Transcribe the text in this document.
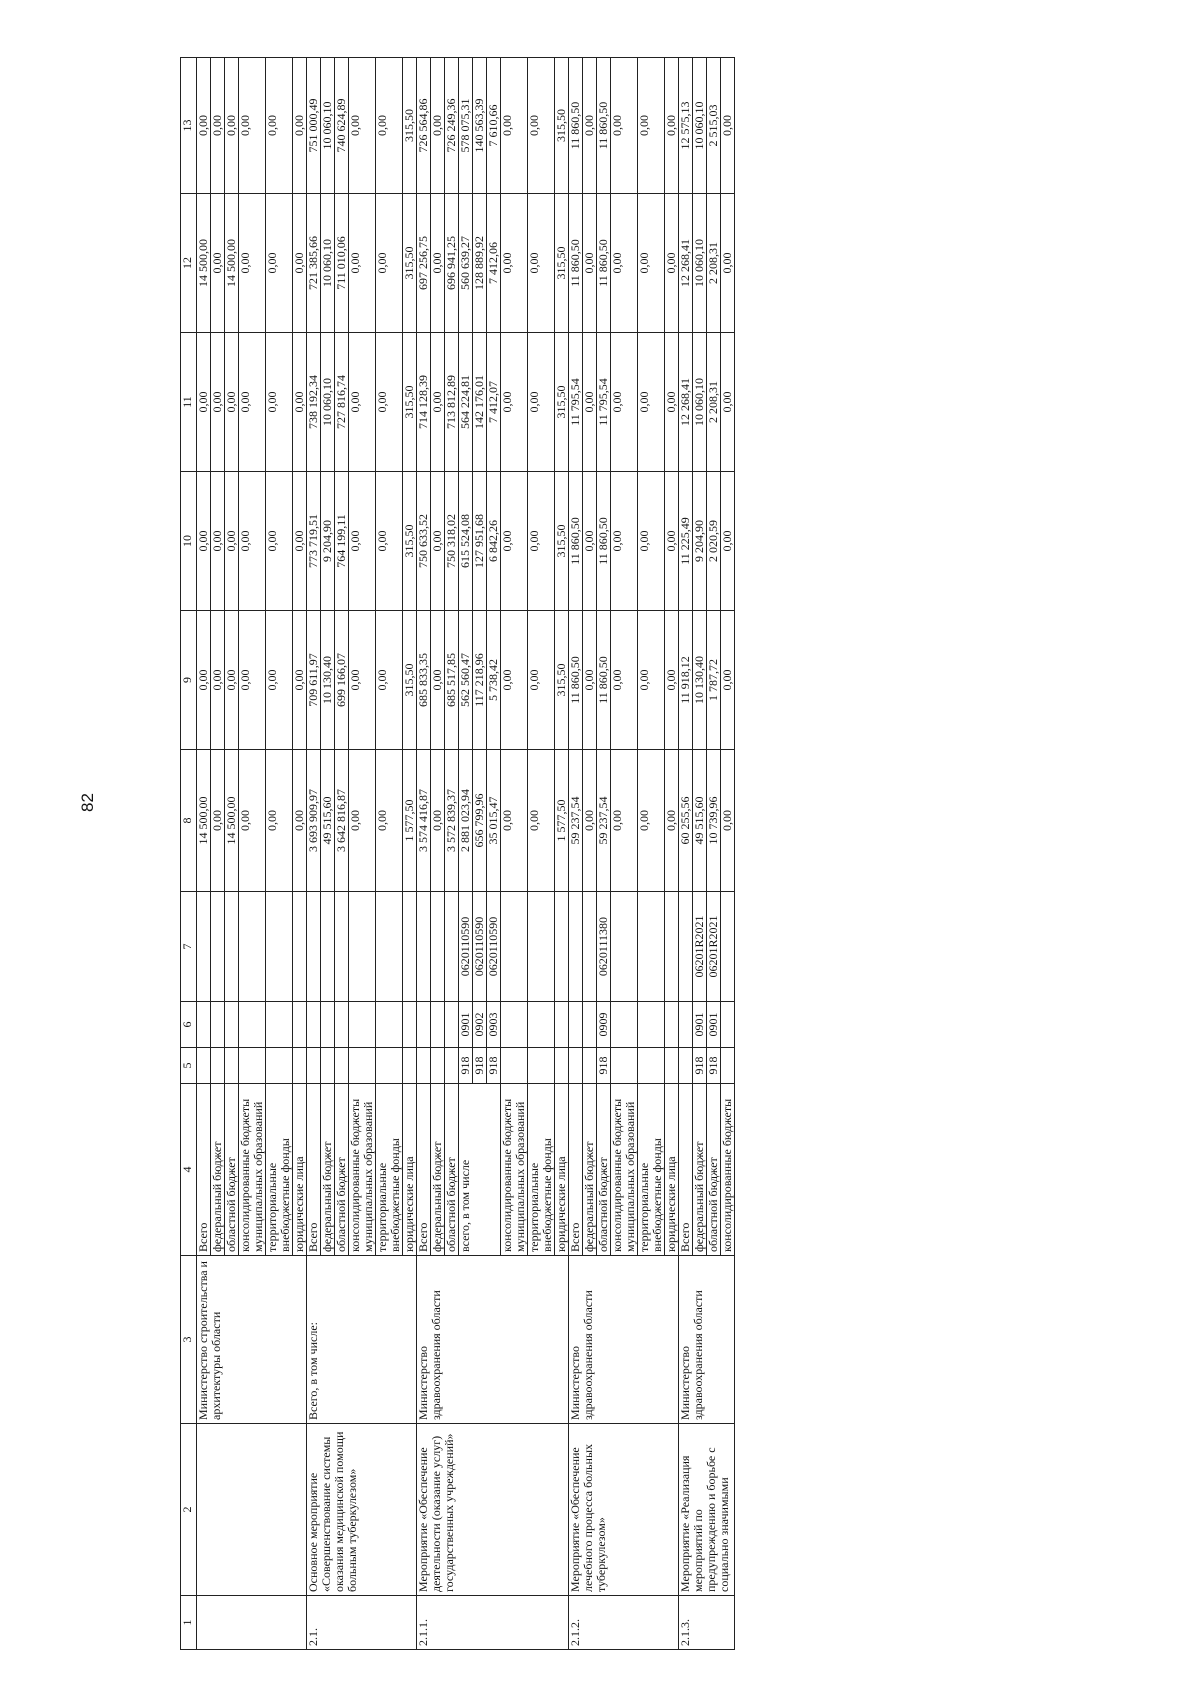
82
1	2	3	4	5	6	7	8	9	10	11	12	13
		Министерство строительства и архитектуры области	Всего				14 500,00	0,00	0,00	0,00	14 500,00	0,00
			федеральный бюджет				0,00	0,00	0,00	0,00	0,00	0,00
			областной бюджет				14 500,00	0,00	0,00	0,00	14 500,00	0,00
			консолидированные бюджеты муниципальных образований				0,00	0,00	0,00	0,00	0,00	0,00
			территориальные внебюджетные фонды				0,00	0,00	0,00	0,00	0,00	0,00
			юридические лица				0,00	0,00	0,00	0,00	0,00	0,00
2.1.	Основное мероприятие «Совершенствование системы оказания медицинской помощи больным туберкулезом»	Всего, в том числе:	Всего				3 693 909,97	709 611,97	773 719,51	738 192,34	721 385,66	751 000,49
			федеральный бюджет				49 515,60	10 130,40	9 204,90	10 060,10	10 060,10	10 060,10
			областной бюджет				3 642 816,87	699 166,07	764 199,11	727 816,74	711 010,06	740 624,89
			консолидированные бюджеты муниципальных образований				0,00	0,00	0,00	0,00	0,00	0,00
			территориальные внебюджетные фонды				0,00	0,00	0,00	0,00	0,00	0,00
			юридические лица				1 577,50	315,50	315,50	315,50	315,50	315,50
2.1.1.	Мероприятие «Обеспечение деятельности (оказание услуг) государственных учреждений»	Министерство здравоохранения области	Всего				3 574 416,87	685 833,35	750 633,52	714 128,39	697 256,75	726 564,86
			федеральный бюджет				0,00	0,00	0,00	0,00	0,00	0,00
			областной бюджет				3 572 839,37	685 517,85	750 318,02	713 812,89	696 941,25	726 249,36
			всего, в том числе	918	0901	0620110590	2 881 023,94	562 560,47	615 524,08	564 224,81	560 639,27	578 075,31
				918	0902	0620110590	656 799,96	117 218,96	127 951,68	142 176,01	128 889,92	140 563,39
				918	0903	0620110590	35 015,47	5 738,42	6 842,26	7 412,07	7 412,06	7 610,66
			консолидированные бюджеты муниципальных образований				0,00	0,00	0,00	0,00	0,00	0,00
			территориальные внебюджетные фонды				0,00	0,00	0,00	0,00	0,00	0,00
			юридические лица				1 577,50	315,50	315,50	315,50	315,50	315,50
2.1.2.	Мероприятие «Обеспечение лечебного процесса больных туберкулезом»	Министерство здравоохранения области	Всего				59 237,54	11 860,50	11 860,50	11 795,54	11 860,50	11 860,50
			федеральный бюджет				0,00	0,00	0,00	0,00	0,00	0,00
			областной бюджет	918	0909	0620111380	59 237,54	11 860,50	11 860,50	11 795,54	11 860,50	11 860,50
			консолидированные бюджеты муниципальных образований				0,00	0,00	0,00	0,00	0,00	0,00
			территориальные внебюджетные фонды				0,00	0,00	0,00	0,00	0,00	0,00
			юридические лица				0,00	0,00	0,00	0,00	0,00	0,00
2.1.3.	Мероприятие «Реализация мероприятий по предупреждению и борьбе с социально значимыми	Министерство здравоохранения области	Всего				60 255,56	11 918,12	11 225,49	12 268,41	12 268,41	12 575,13
			федеральный бюджет	918	0901	06201R2021	49 515,60	10 130,40	9 204,90	10 060,10	10 060,10	10 060,10
			областной бюджет	918	0901	06201R2021	10 739,96	1 787,72	2 020,59	2 208,31	2 208,31	2 515,03
			консолидированные бюджеты				0,00	0,00	0,00	0,00	0,00	0,00
